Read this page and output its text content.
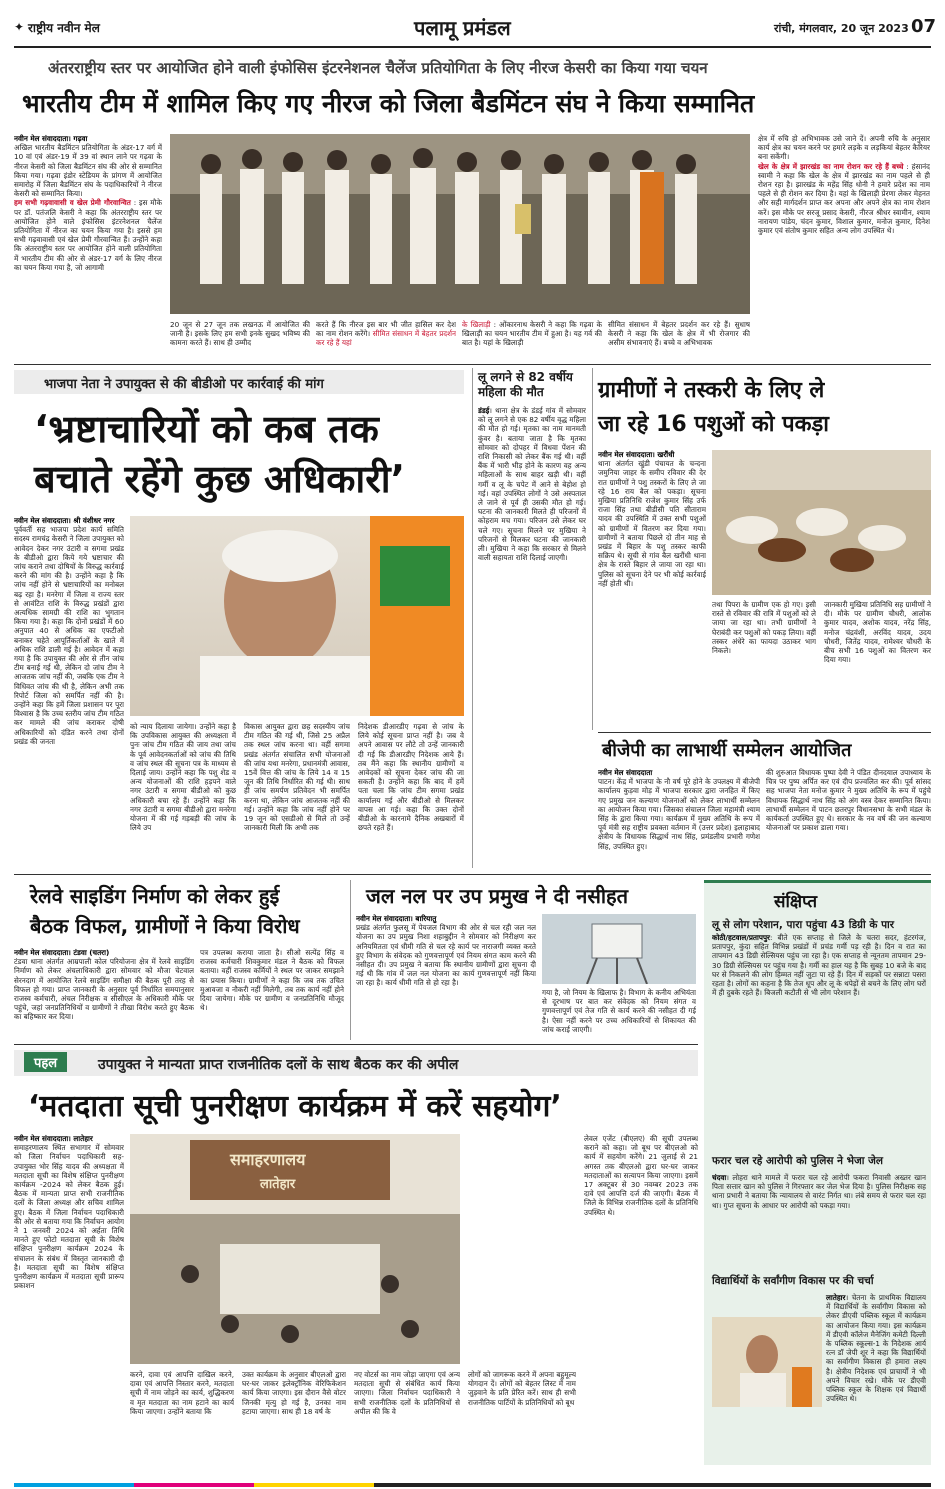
✦ राष्ट्रीय नवीन मेल	पलामू प्रमंडल	रांची, मंगलवार, 20 जून 2023 07
अंतरराष्ट्रीय स्तर पर आयोजित होने वाली इंफोसिस इंटरनेशनल चैलेंज प्रतियोगिता के लिए नीरज केसरी का किया गया चयन
भारतीय टीम में शामिल किए गए नीरज को जिला बैडमिंटन संघ ने किया सम्मानित
नवीन मेल संवाददाता। गढ़वा
अखिल भारतीय बैडमिंटन प्रतियोगिता के अंडर-17 वर्ग में 10 वां एवं अंडर-19 में 39 वां स्थान लाने पर गढ़वा के नीरज केसरी को जिला बैडमिंटन संघ की ओर से सम्मानित किया गया। गढ़वा इंडोर स्टेडियम के प्रांगण में आयोजित समारोह में जिला बैडमिंटन संघ के पदाधिकारियों ने नीरज केसरी को सम्मानित किया।
हम सभी गढ़वावासी व खेल प्रेमी गौरवान्वित : इस मौके पर डॉ. पतंजलि केसरी ने कहा कि अंतरराष्ट्रीय स्तर पर आयोजित होने वाले इंफोसिस इंटरनेशनल चैलेंज प्रतियोगिता में नीरज का चयन किया गया है। इससे हम सभी गढ़वावासी एवं खेल प्रेमी गौरवान्वित हैं। उन्होंने कहा कि अंतरराष्ट्रीय स्तर पर आयोजित होने वाली प्रतियोगिता में भारतीय टीम की ओर से अंडर-17 वर्ग के लिए नीरज का चयन किया गया है, जो आगामी
20 जून से 27 जून तक लखनऊ में आयोजित की जानी है। इसके लिए हम सभी इनके सुखद भविष्य की कामना करते हैं। साथ ही उम्मीद
करते हैं कि नीरज इस बार भी जीत हासिल कर देश का नाम रोशन करेंगे। सीमित संसाधन में बेहतर प्रदर्शन कर रहे हैं यहां
के खिलाड़ी : ओंकारनाथ केसरी ने कहा कि गढ़वा के खिलाड़ी का चयन भारतीय टीम में हुआ है। यह गर्व की बात है। यहां के खिलाड़ी
सीमित संसाधन में बेहतर प्रदर्शन कर रहे हैं। सुधाष केसरी ने कहा कि खेल के क्षेत्र में भी रोजगार की असीम संभावनाएं हैं। बच्चे व अभिभावक
क्षेत्र में रुचि हो अभिभावक उसे जाने दें। अपनी रुचि के अनुसार कार्य क्षेत्र का चयन करने पर हमारे लड़के व लड़कियां बेहतर कैरियर बना सकेंगी।
खेल के क्षेत्र में झारखंड का नाम रोशन कर रहे हैं बच्चे : हंसानंद स्वामी ने कहा कि खेल के क्षेत्र में झारखंड का नाम पहले से ही रोशन रहा है। झारखंड के महेंद्र सिंह धोनी ने हमारे प्रदेश का नाम पहले से ही रोशन कर दिया है। यहां के खिलाड़ी प्रेरणा लेकर मेहनत और सही मार्गदर्शन प्राप्त कर अपना और अपने क्षेत्र का नाम रोशन करें। इस मौके पर सरजू प्रसाद केसरी, नीरज श्रीधर स्वामीन, श्याम नारायण पांडेय, चंदन कुमार, विशाल कुमार, मनोज कुमार, दिनेश कुमार एवं संतोष कुमार सहित अन्य लोग उपस्थित थे।
भाजपा नेता ने उपायुक्त से की बीडीओ पर कार्रवाई की मांग
‘भ्रष्टाचारियों को कब तक
बचाते रहेंगे कुछ अधिकारी’
नवीन मेल संवाददाता। श्री वंशीधर नगर
पूर्ववर्ती सह भाजपा प्रदेश कार्य समिति सदस्य रामचंद्र केसरी ने जिला उपायुक्त को आवेदन देकर नगर उंटारी व सगमा प्रखंड के बीडीओ द्वारा किये गये भ्रष्टाचार की जांच कराने तथा दोषियों के विरुद्ध कार्रवाई करने की मांग की है। उन्होंने कहा है कि जांच नहीं होने से भ्रष्टाचारियों का मनोबल बढ़ रहा है। मनरेगा में जिला व राज्य स्तर से आवंटित राशि के विरुद्ध प्रखंडों द्वारा अत्यधिक सामग्री की राशि का भुगतान किया गया है। कहा कि दोनों प्रखंडों में 60 अनुपात 40 से अधिक का एफटीओ बनाकर चहेते आपूर्तिकर्ताओं के खाते में अधिक राशि डाली गई है। आवेदन में कहा गया है कि उपायुक्त की ओर से तीन जांच टीम बनाई गई थी, लेकिन दो जांच टीम ने आजतक जांच नहीं की, जबकि एक टीम ने विधिवत जांच की थी है, लेकिन अभी तक रिपोर्ट जिला को समर्पित नहीं की है। उन्होंने कहा कि हमें जिला प्रशासन पर पूरा विश्वास है कि उच्च स्तरीय जांच टीम गठित कर मामले की जांच कराकर दोषी अधिकारियों को दंडित करने तथा दोनों प्रखंड की जनता
को न्याय दिलाया जायेगा। उन्होंने कहा है कि उपविकास आयुक्त की अध्यक्षता में पुनः जांच टीम गठित की जाय तथा जांच के पूर्व आवेदनकर्ताओं को जांच की तिथि व जांच स्थल की सूचना पत्र के माध्यम से दिलाई जाय। उन्होंने कहा कि पशु शेड व अन्य योजनाओं की राशि हड़पने वाले नगर उंटारी व सगमा बीडीओ को कुछ अधिकारी बचा रहे हैं। उन्होंने कहा कि नगर उंटारी व सगमा बीडीओ द्वारा मनरेगा योजना में की गई गड़बड़ी की जांच के लिये उप
विकास आयुक्त द्वारा छह सदस्यीय जांच टीम गठित की गई थी, जिसे 25 अप्रैल तक स्थल जांच करना था। वहीं सगमा प्रखंड अंतर्गत संचालित सभी योजनाओं की जांच यथा मनरेगा, प्रधानमंत्री आवास, 15वें वित्त की जांच के लिये 14 व 15 जून की तिथि निर्धारित की गई थी। साथ ही जांच समर्पण प्रतिवेदन भी समर्पित करना था, लेकिन जांच आजतक नहीं की गई। उन्होंने कहा कि जांच नहीं होने पर 19 जून को एसडीओ से मिले तो उन्हें जानकारी मिली कि अभी तक
निदेशक डीआरडीए गढ़वा से जांच के लिये कोई सूचना प्राप्त नहीं है। जब वे अपने आवास पर लौटे तो उन्हें जानकारी दी गई कि डीआरडीए निदेशक आये हैं। तब मैंने कहा कि स्थानीय ग्रामीणों व आवेदकों को सूचना देकर जांच की जा सकती है। उन्होंने कहा कि बाद में हमें पता चला कि जांच टीम सगमा प्रखंड कार्यालय गई और बीडीओ से मिलकर वापस आ गई। कहा कि उक्त दोनों बीडीओ के कारनामे दैनिक अखबारों में छपते रहते हैं।
लू लगने से 82 वर्षीय महिला की मौत
डंडई। थाना क्षेत्र के डंडई गांव में सोमवार को लू लगने से एक 82 वर्षीय वृद्ध महिला की मौत हो गई। मृतका का नाम मानमती कुंवर है। बताया जाता है कि मृतका सोमवार को दोपहर में विधवा पेंशन की राशि निकासी को लेकर बैंक गई थी। वहीं बैंक में भारी भीड़ होने के कारण वह अन्य महिलाओं के साथ बाहर खड़ी थी। वहीं गर्मी व लू के चपेट में आने से बेहोश हो गई। वहां उपस्थित लोगों ने उसे अस्पताल ले जाने से पूर्व ही उसकी मौत हो गई। घटना की जानकारी मिलते ही परिजनों में कोहराम मच गया। परिजन उसे लेकर घर चले गए। सूचना मिलने पर मुखिया ने परिजनों से मिलकर घटना की जानकारी ली। मुखिया ने कहा कि सरकार से मिलने वाली सहायता राशि दिलाई जाएगी।
ग्रामीणों ने तस्करी के लिए ले
जा रहे 16 पशुओं को पकड़ा
नवीन मेल संवाददाता। खरौंधी
थाना अंतर्गत खुंडी पंचायत के चन्दना जमुनिया जाहर के समीप रविवार की देर रात ग्रामीणों ने पशु तस्करों के लिए ले जा रहे 16 राय बैल को पकड़ा। सूचना मुखिया प्रतिनिधि राजेश कुमार सिंह उर्फ राजा सिंह तथा बीडीसी पति सीताराम यादव की उपस्थिति में उक्त सभी पशुओं को ग्रामीणों में वितरण कर दिया गया। ग्रामीणों ने बताया पिछले दो तीन माह से प्रखंड में बिहार के पशु तस्कर काफी सक्रिय थे। सूची से गांव बैल खरौंधी थाना क्षेत्र के रास्ते बिहार ले जाया जा रहा था। पुलिस को सूचना देने पर भी कोई कार्रवाई नहीं होती थी।
तथा पिपरा के ग्रामीण एक हो गए। इसी रास्ते से रविवार की रात्रि में पशुओं को ले जाया जा रहा था। तभी ग्रामीणों ने घेराबंदी कर पशुओं को पकड़ लिया। वहीं तस्कर अंधेरे का फायदा उठाकर भाग निकले।
जानकारी मुखिया प्रतिनिधि सह ग्रामीणों ने दी। मौके पर ग्रामीण चौधरी, आलोक कुमार यादव, अशोक यादव, नरेंद्र सिंह, मनोज चंद्रवंशी, अरविंद यादव, उदय चौधरी, जितेंद्र यादव, रामेश्वर चौधरी के बीच सभी 16 पशुओं का वितरण कर दिया गया।
बीजेपी का लाभार्थी सम्मेलन आयोजित
नवीन मेल संवाददाता
पाटन। केंद्र में भाजपा के नौ वर्ष पूरे होने के उपलक्ष्य में बीजेपी कार्यालय कुड़वा मोड़ में भाजपा सरकार द्वारा जनहित में किए गए प्रमुख जन कल्याण योजनाओं को लेकर लाभार्थी सम्मेलन का आयोजन किया गया। जिसका संचालन जिला महामंत्री श्याम सिंह के द्वारा किया गया। कार्यक्रम में मुख्य अतिथि के रूप में पूर्व मंत्री सह राष्ट्रीय प्रवक्ता वर्तमान में (उत्तर प्रदेश) इलाहाबाद क्षेत्रीय के विधायक सिद्धार्थ नाथ सिंह, प्रमंडलीय प्रभारी गणेश सिंह, उपस्थित हुए।
की शुरुआत विधायक पुष्पा देवी ने पंडित दीनदयाल उपाध्याय के चित्र पर पुष्प अर्पित कर एवं दीप प्रज्वलित कर की। पूर्व सांसद सह भाजपा नेता मनोज कुमार ने मुख्य अतिथि के रूप में पहुंचे विधायक सिद्धार्थ नाथ सिंह को अंग वस्त्र देकर सम्मानित किया। लाभार्थी सम्मेलन में पाटन छतरपुर विधानसभा के सभी मंडल के कार्यकर्ता उपस्थित हुए थे। सरकार के नव वर्ष की जन कल्याण योजनाओं पर प्रकाश डाला गया।
रेलवे साइडिंग निर्माण को लेकर हुई
बैठक विफल, ग्रामीणों ने किया विरोध
नवीन मेल संवाददाता। टंडवा (चतरा)
टंडवा थाना अंतर्गत आम्रपाली कोल परियोजना क्षेत्र में रेलवे साइडिंग निर्माण को लेकर अंचलाधिकारी द्वारा सोमवार को मौजा चेटवाल सेरनदाग में आयोजित रेलवे साइडिंग समीक्षा की बैठक पूरी तरह से विफल हो गया। प्राप्त जानकारी के अनुसार पूर्व निर्धारित समयानुसार राजस्व कर्मचारी, अंचल निरीक्षक व सीसीएल के अधिकारी मौके पर पहुंचे, जहां जनप्रतिनिधियों व ग्रामीणों ने तीखा विरोध करते हुए बैठक का बहिष्कार कर दिया।
पत्र उपलब्ध कराया जाता है। सीओ सत्येंद्र सिंह व राजस्व कर्मचारी शिवकुमार मंडल ने बैठक को विफल बताया। वहीं राजस्व कर्मियों ने स्थल पर जाकर समझाने का प्रयास किया। ग्रामीणों ने कहा कि जब तक उचित मुआवजा व नौकरी नहीं मिलेगी, तब तक कार्य नहीं होने दिया जायेगा। मौके पर ग्रामीण व जनप्रतिनिधि मौजूद थे।
जल नल पर उप प्रमुख ने दी नसीहत
नवीन मेल संवाददाता। बारियातु
प्रखंड अंतर्गत फुलसू में पेयजल विभाग की ओर से चल रही जल नल योजना का उप प्रमुख निशा शहाबुद्दीन ने सोमवार को निरीक्षण कर अनियमितता एवं धीमी गति से चल रहे कार्य पर नाराजगी व्यक्त करते हुए विभाग के संवेदक को गुणवत्तापूर्ण एवं नियम संगत काम करने की नसीहत दी। उप प्रमुख ने बताया कि स्थानीय ग्रामीणों द्वारा सूचना दी गई थी कि गांव में जल नल योजना का कार्य गुणवत्तापूर्ण नहीं किया जा रहा है। कार्य धीमी गति से हो रहा है।
गया है, जो नियम के खिलाफ है। विभाग के कनीय अभियंता से दूरभाष पर बात कर संवेदक को नियम संगत व गुणवत्तापूर्ण एवं तेज गति से कार्य करने की नसीहत दी गई है। ऐसा नहीं करने पर उच्च अधिकारियों से शिकायत की जांच कराई जाएगी।
संक्षिप्त
लू से लोग परेशान, पारा पहुंचा 43 डिग्री के पार
कोठी/हटवाल/प्रतापपुर: बीते एक सप्ताह से जिले के चतरा सदर, हंटरगंज, प्रतापपुर, कुंदा सहित विभिन्न प्रखंडों में प्रचंड गर्मी पड़ रही है। दिन व रात का तापमान 43 डिग्री सेल्सियस पहुंच जा रहा है। एक सप्ताह से न्यूनतम तापमान 29-30 डिग्री सेल्सियस पर पहुंच गया है। गर्मी का हाल यह है कि सुबह 10 बजे के बाद घर से निकलने की लोग हिम्मत नहीं जुटा पा रहे हैं। दिन में सड़कों पर सन्नाटा पसरा रहता है। लोगों का कहना है कि तेज धूप और लू के थपेड़ों से बचने के लिए लोग घरों में ही दुबके रहते हैं। बिजली कटौती से भी लोग परेशान हैं।
फरार चल रहे आरोपी को पुलिस ने भेजा जेल
चंदवा। लोहरा थाने मामले में फरार चल रहे आरोपी फकरा निवासी अख्तर खान पिता सत्तार खान को पुलिस ने गिरफ्तार कर जेल भेज दिया है। पुलिस निरीक्षक सह थाना प्रभारी ने बताया कि न्यायालय से वारंट निर्गत था। लंबे समय से फरार चल रहा था। गुप्त सूचना के आधार पर आरोपी को पकड़ा गया।
विद्यार्थियों के सर्वांगीण विकास पर की चर्चा
लातेहार। चेतना के प्राथमिक विद्यालय में विद्यार्थियों के सर्वांगीण विकास को लेकर डीएवी पब्लिक स्कूल में कार्यक्रम का आयोजन किया गया। इस कार्यक्रम में डीएवी कॉलेज मैनेजिंग कमेटी दिल्ली के पब्लिक स्कूल्स-1 के निदेशक आर्य रत्न डॉ जेपी शूर ने कहा कि विद्यार्थियों का सर्वांगीण विकास ही हमारा लक्ष्य है। क्षेत्रीय निदेशक एवं प्राचार्यों ने भी अपने विचार रखे। मौके पर डीएवी पब्लिक स्कूल के शिक्षक एवं विद्यार्थी उपस्थित थे।
पहल	उपायुक्त ने मान्यता प्राप्त राजनीतिक दलों के साथ बैठक कर की अपील
‘मतदाता सूची पुनरीक्षण कार्यक्रम में करें सहयोग’
नवीन मेल संवाददाता। लातेहार
समाहरणालय स्थित सभागार में सोमवार को जिला निर्वाचन पदाधिकारी सह-उपायुक्त भोर सिंह यादव की अध्यक्षता में मतदाता सूची का विशेष संक्षिप्त पुनरीक्षण कार्यक्रम -2024 को लेकर बैठक हुई। बैठक में मान्यता प्राप्त सभी राजनीतिक दलों के जिला अध्यक्ष और सचिव शामिल हुए। बैठक में जिला निर्वाचन पदाधिकारी की ओर से बताया गया कि निर्वाचन आयोग ने 1 जनवरी 2024 को अर्हता तिथि मानते हुए फोटो मतदाता सूची के विशेष संक्षिप्त पुनरीक्षण कार्यक्रम 2024 के संचालन के संबंध में विस्तृत जानकारी दी है। मतदाता सूची का विशेष संक्षिप्त पुनरीक्षण कार्यक्रम में मतदाता सूची प्रारूप प्रकाशन
समाहरणालय
लातेहार
करने, दावा एवं आपत्ति दाखिल करने, दावा एवं आपत्ति निस्तार करने, मतदाता सूची में नाम जोड़ने का कार्य, शुद्धिकरण व मृत मतदाता का नाम हटाने का कार्य किया जाएगा। उन्होंने बताया कि
उक्त कार्यक्रम के अनुसार बीएलओ द्वारा घर-घर जाकर इलेक्ट्रॉनिक वेरिफिकेशन कार्य किया जाएगा। इस दौरान वैसे वोटर जिनकी मृत्यु हो गई है, उनका नाम हटाया जाएगा। साथ ही 18 वर्ष के
नए वोटर्स का नाम जोड़ा जाएगा एवं अन्य मतदाता सूची से संबंधित कार्य किया जाएगा। जिला निर्वाचन पदाधिकारी ने सभी राजनीतिक दलों के प्रतिनिधियों से अपील की कि वे
लोगों को जागरूक करने में अपना बहुमूल्य योगदान दें। लोगों को बेहतर लिस्ट में नाम जुड़वाने के प्रति प्रेरित करें। साथ ही सभी राजनीतिक पार्टियों के प्रतिनिधियों को बूथ
लेवल एजेंट (बीएलए) की सूची उपलब्ध कराने को कहा। जो बूथ पर बीएलओ को कार्य में सहयोग करेंगे। 21 जुलाई से 21 अगस्त तक बीएलओ द्वारा घर-घर जाकर मतदाताओं का सत्यापन किया जाएगा। इसमें 17 अक्टूबर से 30 नवम्बर 2023 तक दावे एवं आपत्ति दर्ज की जाएगी। बैठक में जिले के विभिन्न राजनीतिक दलों के प्रतिनिधि उपस्थित थे।
